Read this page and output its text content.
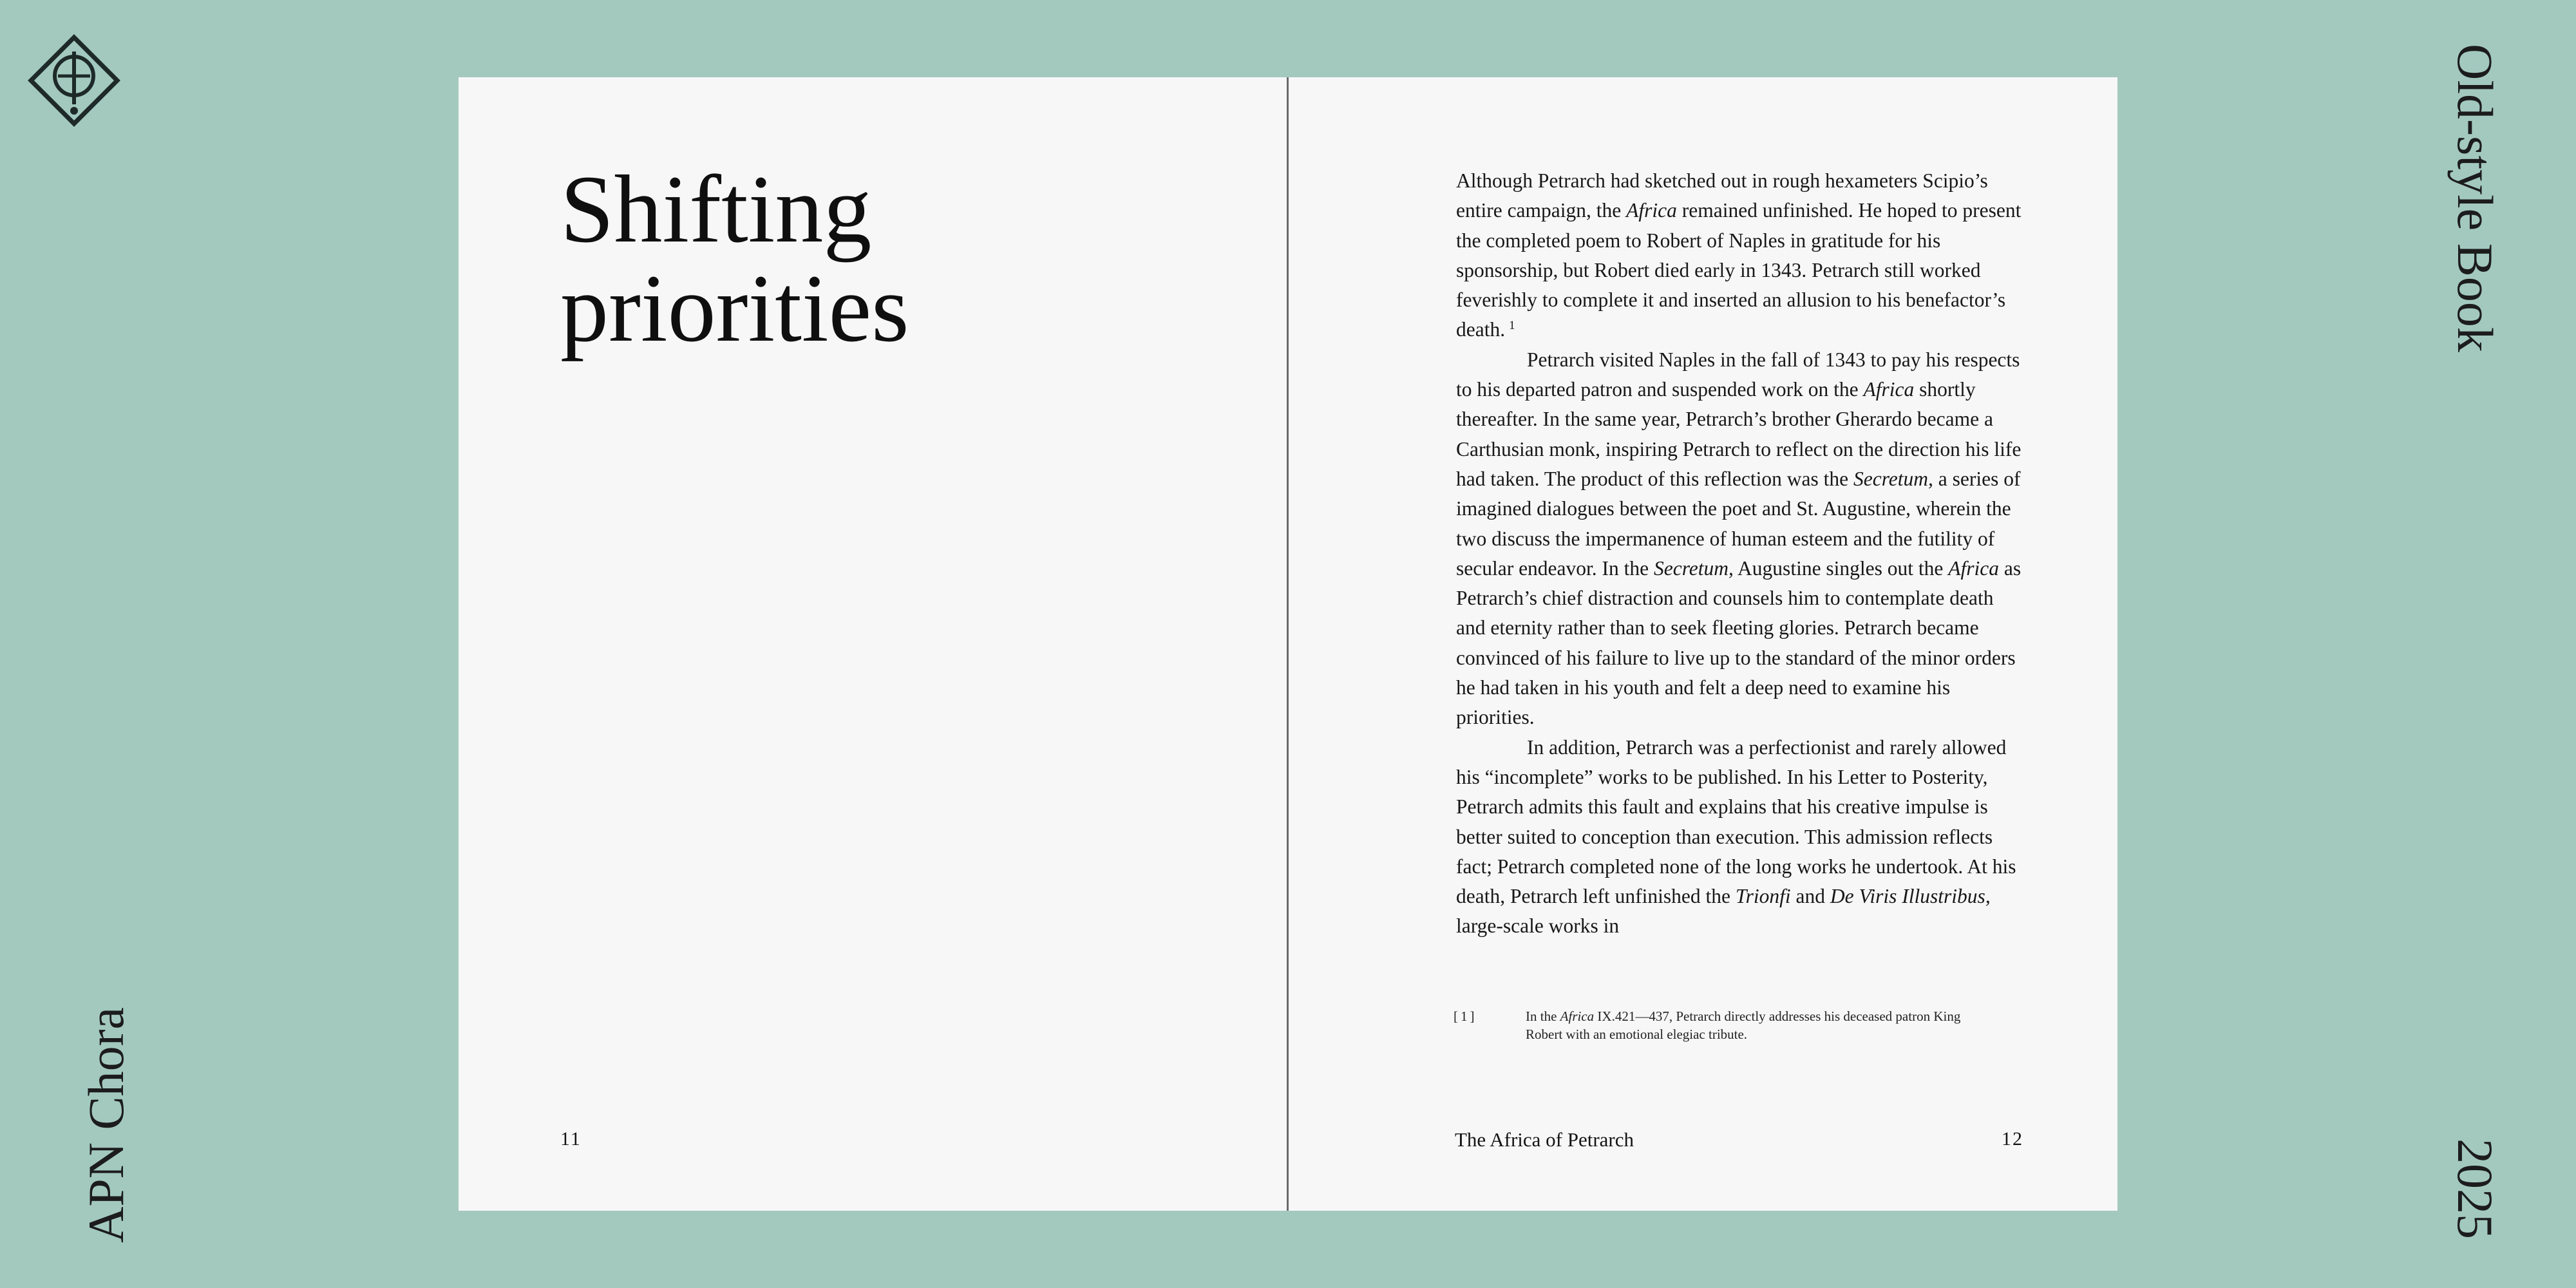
APN Chora
Old-style Book
2025
Shifting
priorities
11

Although Petrarch had sketched out in rough hexameters Scipio’s entire campaign, the Africa remained unfinished. He hoped to present the completed poem to Robert of Naples in gratitude for his sponsorship, but Robert died early in 1343. Petrarch still worked feverishly to complete it and inserted an allusion to his benefactor’s death. $^1$

Petrarch visited Naples in the fall of 1343 to pay his respects to his departed patron and suspended work on the Africa shortly thereafter. In the same year, Petrarch’s brother Gherardo became a Carthusian monk, inspiring Petrarch to reflect on the direction his life had taken. The product of this reflection was the Secretum, a series of imagined dialogues between the poet and St. Augustine, wherein the two discuss the impermanence of human esteem and the futility of secular endeavor. In the Secretum, Augustine singles out the Africa as Petrarch’s chief distraction and counsels him to contemplate death and eternity rather than to seek fleeting glories. Petrarch became convinced of his failure to live up to the standard of the minor orders he had taken in his youth and felt a deep need to examine his priorities.

In addition, Petrarch was a perfectionist and rarely allowed his “incomplete” works to be published. In his Letter to Posterity, Petrarch admits this fault and explains that his creative impulse is better suited to conception than execution. This admission reflects fact; Petrarch completed none of the long works he undertook. At his death, Petrarch left unfinished the Trionfi and De Viris Illustribus, large-scale works in

[1]	In the Africa IX.421—437, Petrarch directly addresses his deceased patron King Robert with an emotional elegiac tribute.
The Africa of Petrarch	12
